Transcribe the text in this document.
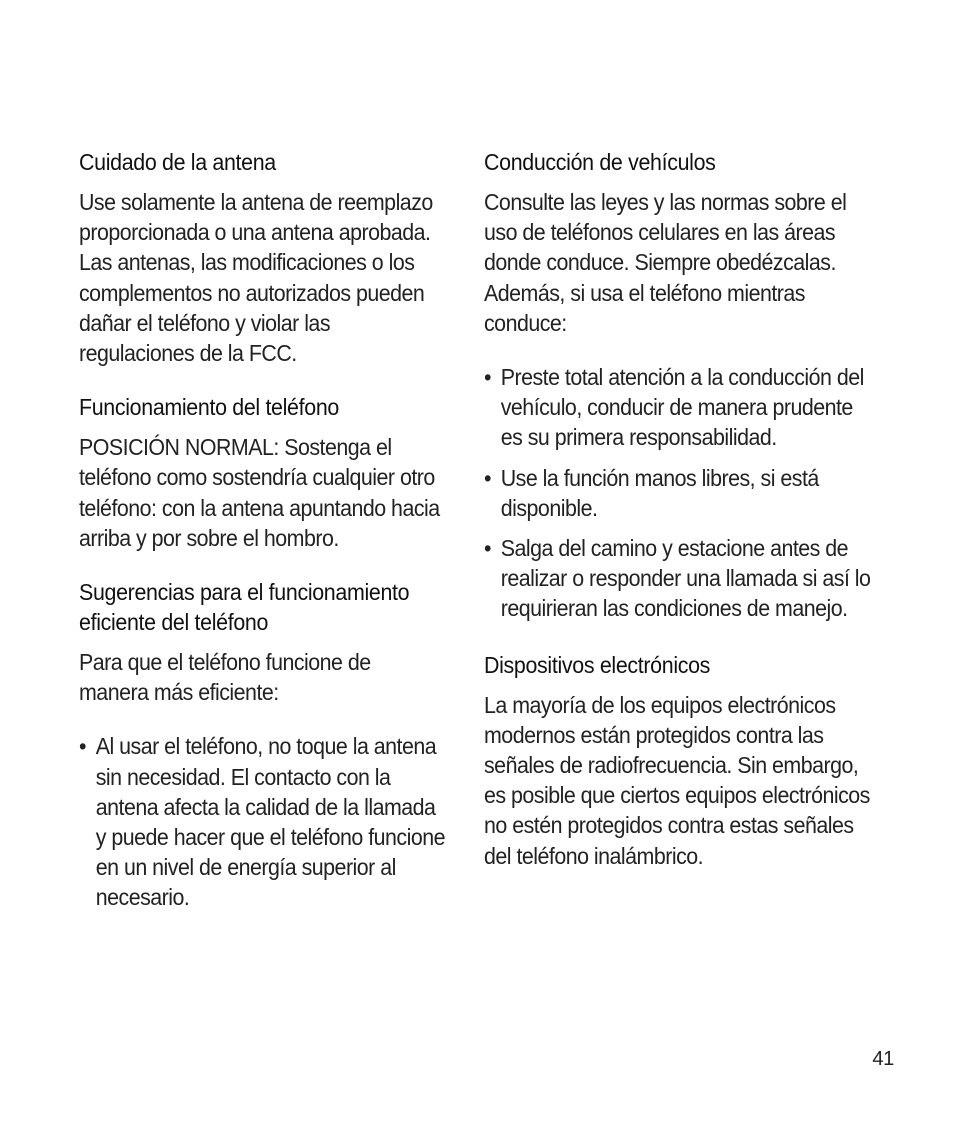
Cuidado de la antena

Use solamente la antena de reemplazo proporcionada o una antena aprobada. Las antenas, las modificaciones o los complementos no autorizados pueden dañar el teléfono y violar las regulaciones de la FCC.

Funcionamiento del teléfono

POSICIÓN NORMAL: Sostenga el teléfono como sostendría cualquier otro teléfono: con la antena apuntando hacia arriba y por sobre el hombro.

Sugerencias para el funcionamiento eficiente del teléfono

Para que el teléfono funcione de manera más eficiente:

• Al usar el teléfono, no toque la antena sin necesidad. El contacto con la antena afecta la calidad de la llamada y puede hacer que el teléfono funcione en un nivel de energía superior al necesario.
Conducción de vehículos

Consulte las leyes y las normas sobre el uso de teléfonos celulares en las áreas donde conduce. Siempre obedézcalas. Además, si usa el teléfono mientras conduce:

• Preste total atención a la conducción del vehículo, conducir de manera prudente es su primera responsabilidad.
• Use la función manos libres, si está disponible.
• Salga del camino y estacione antes de realizar o responder una llamada si así lo requirieran las condiciones de manejo.
Dispositivos electrónicos

La mayoría de los equipos electrónicos modernos están protegidos contra las señales de radiofrecuencia. Sin embargo, es posible que ciertos equipos electrónicos no estén protegidos contra estas señales del teléfono inalámbrico.

41
